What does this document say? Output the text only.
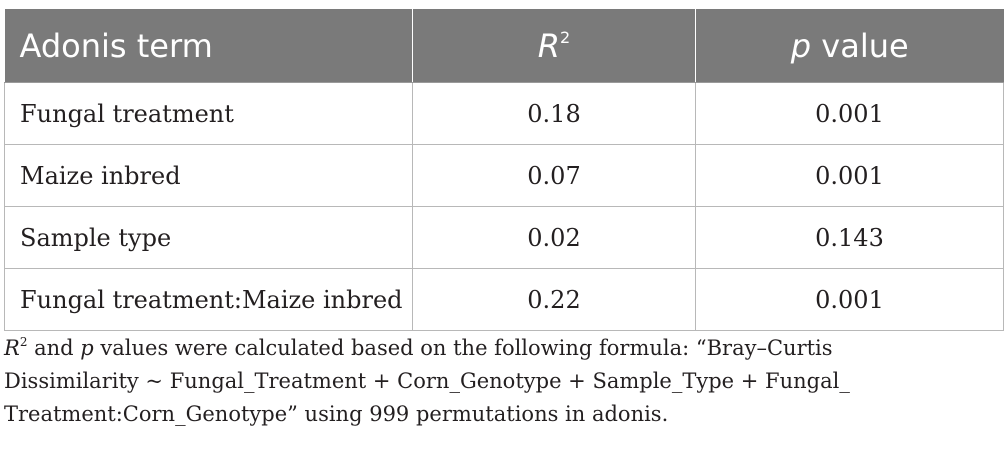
Adonis term	$R^2$	p value
Fungal treatment	0.18	0.001
Maize inbred	0.07	0.001
Sample type	0.02	0.143
Fungal treatment:Maize inbred	0.22	0.001
$R^2$ and p values were calculated based on the following formula: “Bray–Curtis
Dissimilarity ~ Fungal_Treatment + Corn_Genotype + Sample_Type + Fungal_
Treatment:Corn_Genotype” using 999 permutations in adonis.
